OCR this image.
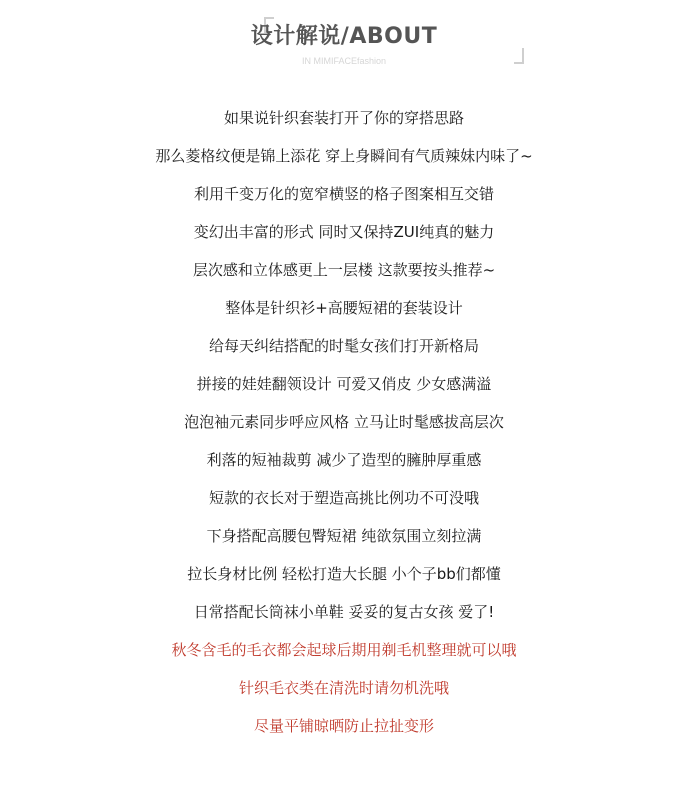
设计解说/ABOUT
IN MIMIFACEfashion
如果说针织套装打开了你的穿搭思路
那么菱格纹便是锦上添花 穿上身瞬间有气质辣妹内味了~
利用千变万化的宽窄横竖的格子图案相互交错
变幻出丰富的形式 同时又保持ZUI纯真的魅力
层次感和立体感更上一层楼 这款要按头推荐~
整体是针织衫+高腰短裙的套装设计
给每天纠结搭配的时髦女孩们打开新格局
拼接的娃娃翻领设计 可爱又俏皮 少女感满溢
泡泡袖元素同步呼应风格 立马让时髦感拔高层次
利落的短袖裁剪 减少了造型的臃肿厚重感
短款的衣长对于塑造高挑比例功不可没哦
下身搭配高腰包臀短裙 纯欲氛围立刻拉满
拉长身材比例 轻松打造大长腿 小个子bb们都懂
日常搭配长筒袜小单鞋 妥妥的复古女孩 爱了!
秋冬含毛的毛衣都会起球后期用剃毛机整理就可以哦
针织毛衣类在清洗时请勿机洗哦
尽量平铺晾晒防止拉扯变形
